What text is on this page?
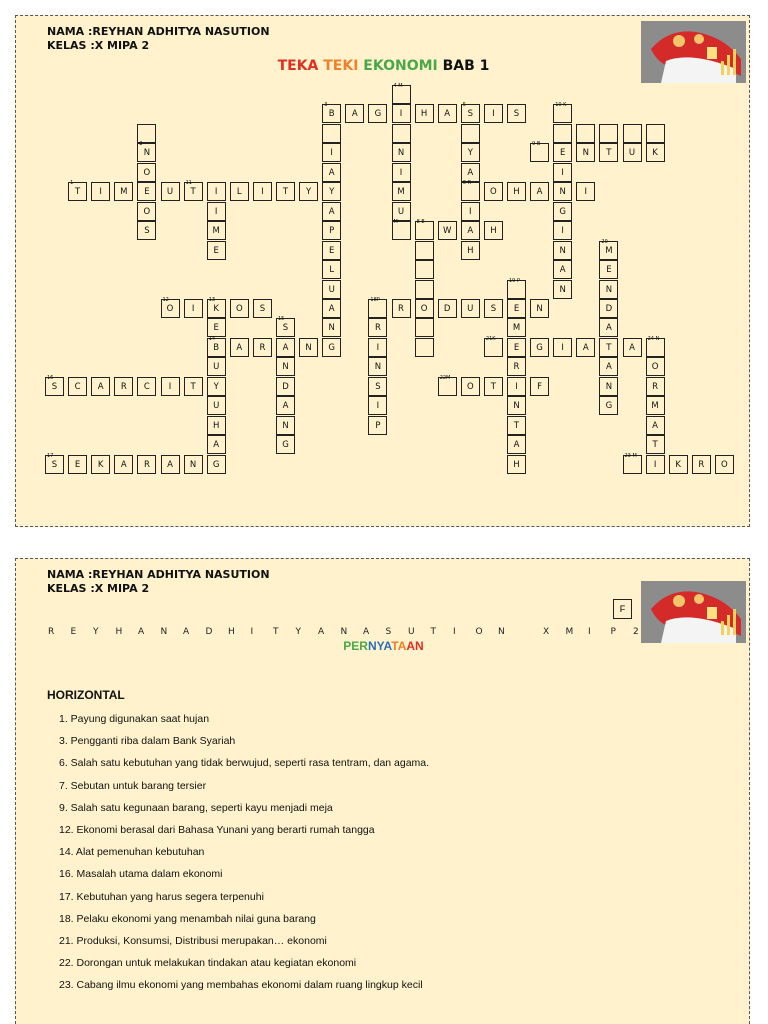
NAMA :REYHAN ADHITYA NASUTION
KELAS :X MIPA 2
TEKA TEKI EKONOMI BAB 1
4 M
3
B	A	G	I	H	A
5
S	I	S
10 K
2
N	I	N	Y
9 B
E	N	T	U	K
O	A	I	A	I
1
T	I	M	E	U
11
T	I	L	I	T	Y	Y	M
6 R
O	H	A	N	I
O	I	A	U	I	G
S	M	P
M	8 E
W	A	H	I
E	E	H	N
20
M
L	A	E
U
19 P
N	N
12
O	I
13
K	O	S	A
18P
R	O	D	U	S	E	N	D
E
15
S	N	R	M	A
14
B	A	R	A	N	G	I
21K
E	G	I	A	T	A
24 N
U	N	N	R	A	O
16
S	C	A	R	C	I	T	Y	D	S
22M
O	T	I	F	N	R
U	A	I	N	G	M
H	N	P	T	A
A	G	A	T
17
S	E	K	A	R	A	N	G	H
23 M
I	K	R	O
NAMA :REYHAN ADHITYA NASUTION
KELAS :X MIPA 2
F
R E Y H A N A D H I T Y A N A S U T I O N	X M I P 2
PERNYATAAN
HORIZONTAL
1. Payung digunakan saat hujan
3. Pengganti riba dalam Bank Syariah
6. Salah satu kebutuhan yang tidak berwujud, seperti rasa tentram, dan agama.
7. Sebutan untuk barang tersier
9. Salah satu kegunaan barang, seperti kayu menjadi meja
12. Ekonomi berasal dari Bahasa Yunani yang berarti rumah tangga
14. Alat pemenuhan kebutuhan
16. Masalah utama dalam ekonomi
17. Kebutuhan yang harus segera terpenuhi
18. Pelaku ekonomi yang menambah nilai guna barang
21. Produksi, Konsumsi, Distribusi merupakan… ekonomi
22. Dorongan untuk melakukan tindakan atau kegiatan ekonomi
23. Cabang ilmu ekonomi yang membahas ekonomi dalam ruang lingkup kecil
